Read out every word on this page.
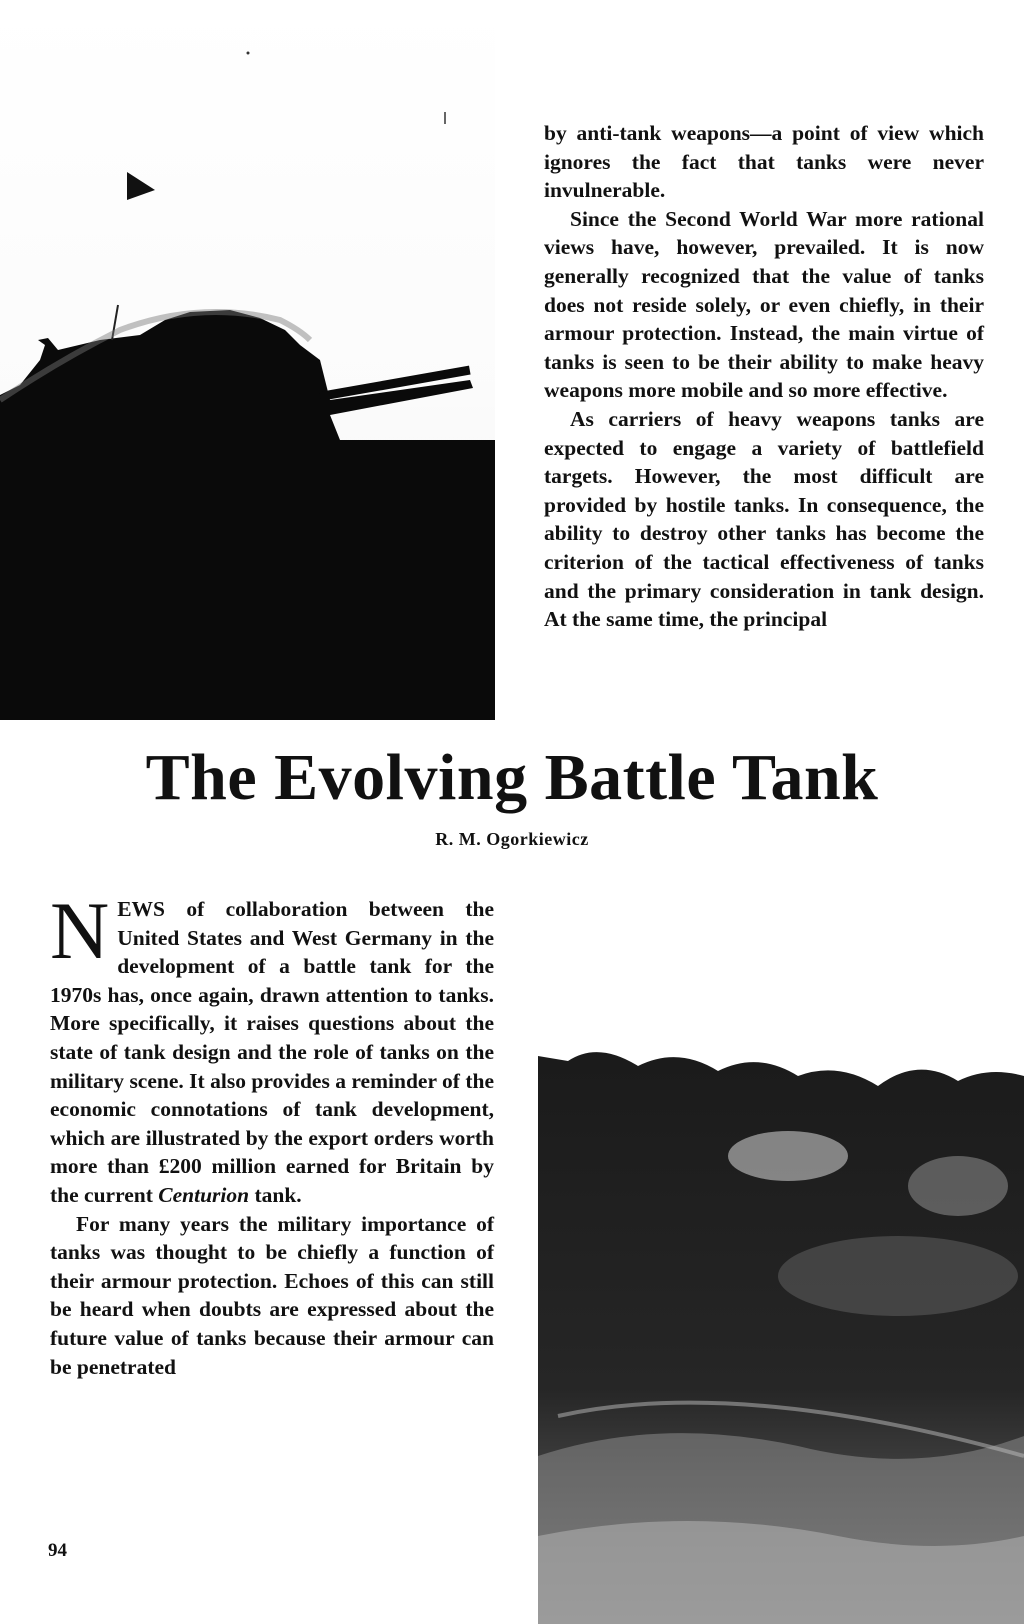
by anti-tank weapons—a point of view which ignores the fact that tanks were never invulnerable.

Since the Second World War more rational views have, however, prevailed. It is now generally recognized that the value of tanks does not reside solely, or even chiefly, in their armour protection. Instead, the main virtue of tanks is seen to be their ability to make heavy weapons more mobile and so more effective.

As carriers of heavy weapons tanks are expected to engage a variety of battlefield targets. However, the most difficult are provided by hostile tanks. In consequence, the ability to destroy other tanks has become the criterion of the tactical effectiveness of tanks and the primary consideration in tank design. At the same time, the principal

The Evolving Battle Tank
R. M. Ogorkiewicz

NEWS of collaboration between the United States and West Germany in the development of a battle tank for the 1970s has, once again, drawn attention to tanks. More specifically, it raises questions about the state of tank design and the role of tanks on the military scene. It also provides a reminder of the economic connotations of tank development, which are illustrated by the export orders worth more than £200 million earned for Britain by the current Centurion tank.

For many years the military importance of tanks was thought to be chiefly a function of their armour protection. Echoes of this can still be heard when doubts are expressed about the future value of tanks because their armour can be penetrated

94
